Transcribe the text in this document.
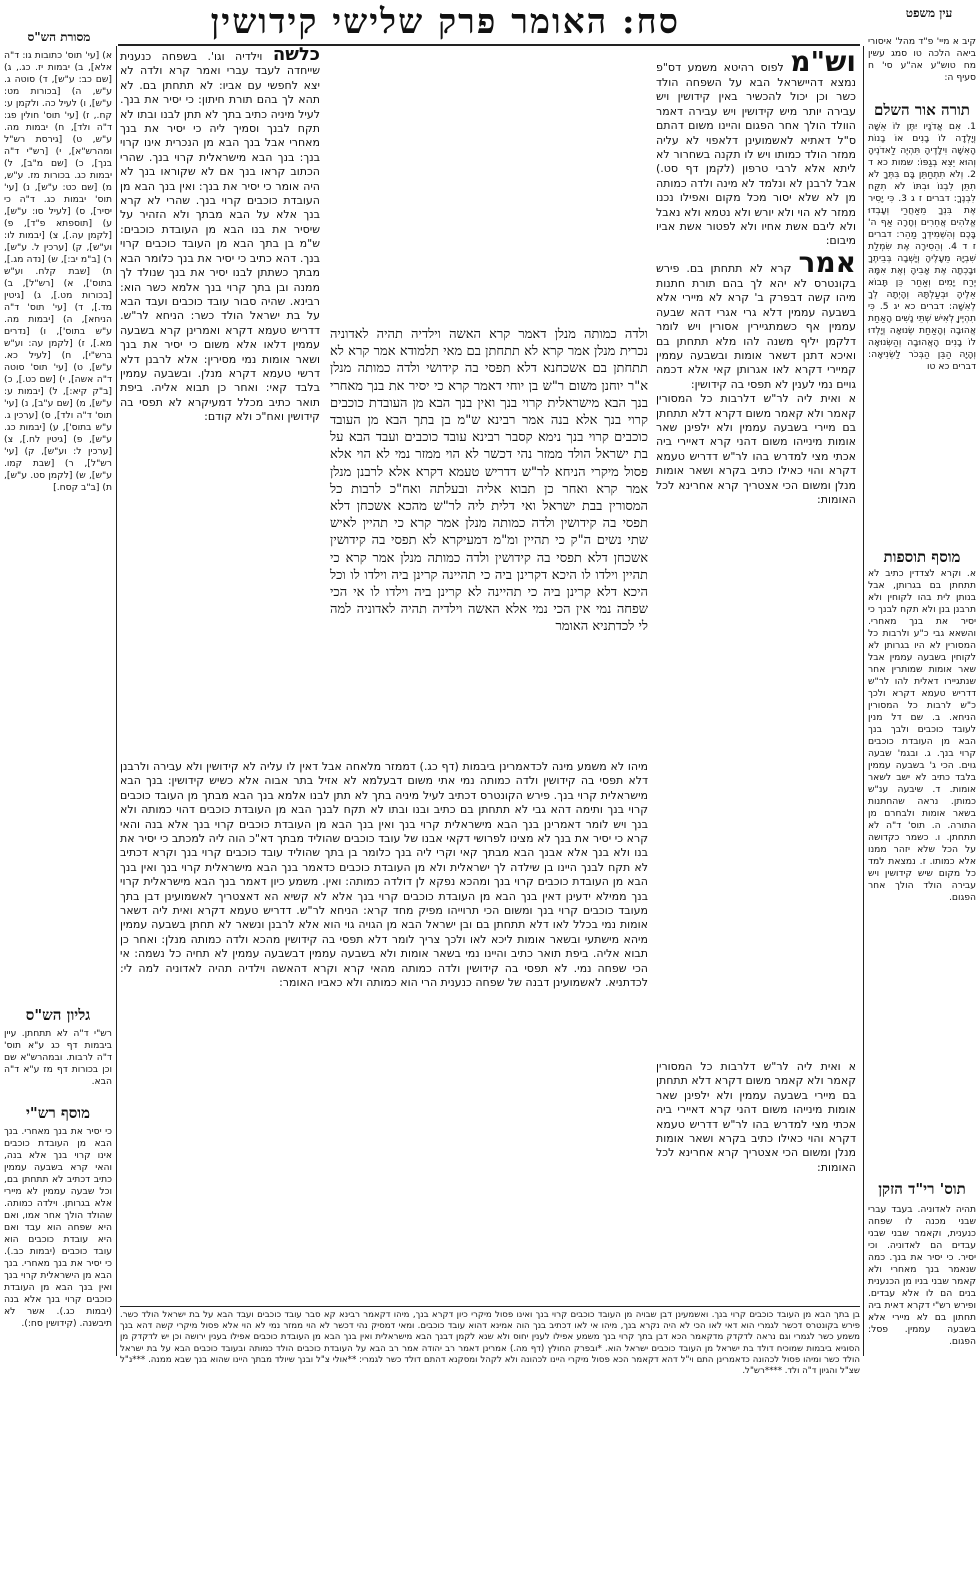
עין משפט
סח: האומר פרק שלישי קידושין
מסורת הש"ס	קיב א מיי' פ"ד מהל' איסורי ביאה הלכה טו סמג עשין מח טוש"ע אה"ע סי' ח סעיף ה:
תורה אור השלם
1. אִם אֲדֹנָיו יִתֶּן לוֹ אִשָּׁה וְיָלְדָה לוֹ בָנִים אוֹ בָנוֹת הָאִשָּׁה וִילָדֶיהָ תִּהְיֶה לַאדֹנֶיהָ וְהוּא יֵצֵא בְגַפּוֹ: שמות כא ד 2. וְלֹא תִתְחַתֵּן בָּם בִּתְּךָ לֹא תִתֵּן לִבְנוֹ וּבִתּוֹ לֹא תִקַּח לִבְנֶךָ: דברים ז ג 3. כִּי יָסִיר אֶת בִּנְךָ מֵאַחֲרַי וְעָבְדוּ אֱלֹהִים אֲחֵרִים וְחָרָה אַף ה' בָּכֶם וְהִשְׁמִידְךָ מַהֵר: דברים ז ד 4. וְהֵסִירָה אֶת שִׂמְלַת שִׁבְיָהּ מֵעָלֶיהָ וְיָשְׁבָה בְּבֵיתֶךָ וּבָכְתָה אֶת אָבִיהָ וְאֶת אִמָּהּ יֶרַח יָמִים וְאַחַר כֵּן תָּבוֹא אֵלֶיהָ וּבְעַלְתָּהּ וְהָיְתָה לְךָ לְאִשָּׁה: דברים כא יג 5. כִּי תִהְיֶיןָ לְאִישׁ שְׁתֵּי נָשִׁים הָאַחַת אֲהוּבָה וְהָאַחַת שְׂנוּאָה וְיָלְדוּ לוֹ בָנִים הָאֲהוּבָה וְהַשְּׂנוּאָה וְהָיָה הַבֵּן הַבְּכֹר לַשְּׂנִיאָה: דברים כא טו
מוסף תוספות
א. וקרא לצדדין כתיב לא תתחתן בם בגרותן, אבל בנותן לית בהו לקוחין ולא תרבנן בנן ולא תקח לבנך כי יסיר את בנך מאחרי. והשאא גבי כ"ע ולרבות כל המסורין לא היו בגרותן לא לקוחין בשבעה עממין אבל שאר אומות שמותרין אחר שנתגיירו דאלית להו לר"ש דדריש טעמא דקרא ולכך כ"ש לרבות כל המסורין הניחא. ב. שם דל מנין לעובד כוכבים ולבך בנך הבא מן העובדת כוכבים קרוי בנך. ג. ובגמ' שבעה גוים. הכי ג' בשבעה עממין בלבד כתיב לא ישב לשאר אומות. ד. שיבעה ענ"ש כמותן. נראה שהחתנות בשאר אומות ולבחרם מן התורה. ה. תוס' ד"ה לא תתחתן. ו. כשמר כקדושה על הכל שלא יזהר ממנו אלא כמותו. ז. נמצאת למד כל מקום שיש קידושין ויש עבירה הולד הולך אחר הפגום.
תוס' רי"ד הזקן
תהיה לאדוניה. בעבד עברי שבני מכנה לו שפחה כנענית, וקאמר שבני שבני עבדים הם לאדוניה. וכי יסיר. כי יסיר את בנך. כמה שנאמר בנך מאחרי ולא קאמר שבני בניו מן הכנענית בנים הם לו אלא עבדים. ופירש רש"י דקרא דאית ביה תחתון בם לא מיירי אלא בשבעה עממין. פסל: הפגום.
וש"מ לפוס רהיטא משמע דס"פ נמצא דהיישראל הבא על השפחה הולד כשר וכן יכול להכשיר באין קידושין ויש עבירה יותר מיש קידושין ויש עבירה דאמר הוולד הולך אחר הפגום והיינו משום דהתם ס"ל דאתיא לאשמועינן דלאפוי לא עליה ממזר הולד כמותו ויש לו תקנה בשחרור לא ליתא אלא לרבי טרפון (לקמן דף סט.) אבל לרבנן לא ונלמד לא מינה ולדה כמותה מן לא שלא יסור מכל מקום ואפילו נכנו ממזר לא הוי ולא יורש ולא נטמא ולא נאבל ולא ליבם אשת אחיו ולא לפטור אשת אביו מיבום:
אמר קרא לא תתחתן בם. פירש בקונטרס לא יהא לך בהם תורת חתנות מיהו קשה דבפרק ב' קרא לא מיירי אלא בשבעה עממין דלא גרי אגרי דהא שבעה עממין אף כשמתגיירין אסורין ויש לומר דלקמן יליף משנה להו מלא תתחתן בם ואיכא דתנן דשאר אומות ובשבעה עממין קמיירי דקרא לאו אגרותן קאי אלא דכמה גויים נמי לענין לא תפסי בה קידושין:
א ואית ליה לר"ש דלרבות כל המסורין קאמר ולא קאמר משום דקרא דלא תתחתן בם מיירי בשבעה עממין ולא ילפינן שאר אומות מינייהו משום דהני קרא דאיירי ביה אכתי מצי למדרש בהו לר"ש דדריש טעמא דקרא והוי כאילו כתיב בקרא ושאר אומות מנלן ומשום הכי אצטריך קרא אחרינא לכל האומות:
ולדה כמותה מנלן דאמר קרא האשה וילדיה תהיה לאדוניה נכרית מנלן אמר קרא לא תתחתן בם מאי תלמודא אמר קרא לא תתחתן בם אשכחנא דלא תפסי בה קידושי ולדה כמותה מנלן א"ר יוחנן משום ר"ש בן יוחי דאמר קרא כי יסיר את בנך מאחרי בנך הבא מישראלית קרוי בנך ואין בנך הבא מן העובדת כוכבים קרוי בנך אלא בנה אמר רבינא ש"מ בן בתך הבא מן העובד כוכבים קרוי בנך נימא קסבר רבינא עובד כוכבים ועבד הבא על בת ישראל הולד ממזר נהי דכשר לא הוי ממזר נמי לא הוי אלא פסול מיקרי הניחא לר"ש דדריש טעמא דקרא אלא לרבנן מנלן אמר קרא ואחר כן תבוא אליה ובעלתה ואח"כ לרבות כל המסורין בבת ישראל ואי דלית ליה לר"ש מהכא אשכחן דלא תפסי בה קידושין ולדה כמותה מנלן אמר קרא כי תהיין לאיש שתי נשים ה"ק כי תהיין ומ"מ דמעיקרא לא תפסי בה קידושין אשכחן דלא תפסי בה קידושין ולדה כמותה מנלן אמר קרא כי תהיין וילדו לו היכא דקרינן ביה כי תהיינה קרינן ביה וילדו לו וכל היכא דלא קרינן ביה כי תהיינה לא קרינן ביה וילדו לו אי הכי שפחה נמי אין הכי נמי אלא האשה וילדיה תהיה לאדוניה למה לי לכדתניא האומר
כלשה וילדיה וגו'. בשפחה כנענית שייחדה לעבד עברי ואמר קרא ולדה לא יצא לחפשי עם אביו: לא תתחתן בם. לא תהא לך בהם תורת חיתון: כי יסיר את בנך. לעיל מיניה כתיב בתך לא תתן לבנו ובתו לא תקח לבנך וסמיך ליה כי יסיר את בנך מאחרי אבל בנך הבא מן הנכרית אינו קרוי בנך: בנך הבא מישראלית קרוי בנך. שהרי הכתוב קראו בנך אם לא שקוראו בנך לא היה אומר כי יסיר את בנך: ואין בנך הבא מן העובדת כוכבים קרוי בנך. שהרי לא קרא בנך אלא על הבא מבתך ולא הזהיר על שיסיר את בנו הבא מן העובדת כוכבים: ש"מ בן בתך הבא מן העובד כוכבים קרוי בנך. דהא כתיב כי יסיר את בנך כלומר הבא מבתך כשתתן לבנו יסיר את בנך שנולד לך ממנה ובן בתך קרוי בנך אלמא כשר הוא: רבינא. שהיה סבור עובד כוכבים ועבד הבא על בת ישראל הולד כשר: הניחא לר"ש. דדריש טעמא דקרא ואמרינן קרא בשבעה עממין דלאו אלא משום כי יסיר את בנך ושאר אומות נמי מסירין: אלא לרבנן דלא דרשי טעמא דקרא מנלן. ובשבעה עממין בלבד קאי: ואחר כן תבוא אליה. ביפת תואר כתיב מכלל דמעיקרא לא תפסי בה קידושין ואח"כ ולא קודם:
מיהו לא משמע מינה לכדאמרינן ביבמות (דף כג.) דממזר מלאחה אבל דאין לו עליה לא קידושין ולא עבירה ולרבנן דלא תפסי בה קידושין ולדה כמותה נמי אתי משום דבעלמא לא אזיל בתר אבוה אלא כשיש קידושין: בנך הבא מישראלית קרוי בנך. פירש הקונטרס דכתיב לעיל מיניה בתך לא תתן לבנו אלמא בנך הבא מבתך מן העובד כוכבים קרוי בנך ותימה דהא גבי לא תתחתן בם כתיב ובנו ובתו לא תקח לבנך הבא מן העובדת כוכבים דהוי כמותה ולא בנך ויש לומר דאמרינן בנך הבא מישראלית קרוי בנך ואין בנך הבא מן העובדת כוכבים קרוי בנך אלא בנה והאי קרא כי יסיר את בנך לא מצינו לפרושי דקאי אבנו של עובד כוכבים שהוליד מבתך דא"כ הוה ליה למכתב כי יסיר את בנו ולא בנך אלא אבנך הבא מבתך קאי וקרי ליה בנך כלומר בן בתך שהוליד עובד כוכבים קרוי בנך וקרא דכתיב לא תקח לבנך היינו בן שילדה לך ישראלית ולא מן העובדת כוכבים כדאמר בנך הבא מישראלית קרוי בנך ואין בנך הבא מן העובדת כוכבים קרוי בנך ומהכא נפקא לן דולדה כמותה: ואין. משמע כיון דאמר בנך הבא מישראלית קרוי בנך ממילא ידעינן דאין בנך הבא מן העובדת כוכבים קרוי בנך אלא לא קשיא הא דאצטריך לאשמועינן דבן בתך מעובד כוכבים קרוי בנך ומשום הכי תרוייהו מפיק מחד קרא: הניחא לר"ש. דדריש טעמא דקרא ואית ליה דשאר אומות נמי בכלל לאו דלא תתחתן בם ובן ישראל הבא מן הגויה גוי הוא אלא לרבנן ונשאר לא תחתן בשבעה עממין מיהא מישתעי ובשאר אומות ליכא לאו ולכך צריך לומר דלא תפסי בה קידושין מהכא ולדה כמותה מנלן: ואחר כן תבוא אליה. ביפת תואר כתיב והיינו נמי בשאר אומות ולא בשבעה עממין דבשבעה עממין לא תחיה כל נשמה: אי הכי שפחה נמי. לא תפסי בה קידושין ולדה כמותה מהאי קרא וקרא דהאשה וילדיה תהיה לאדוניה למה לי: לכדתניא. לאשמועינן דבנה של שפחה כנענית הרי הוא כמותה ולא כאביו האומר:
א) [עי' תוס' כתובות גו: ד"ה אלא], ב) יבמות יז. כג., ג) [שם כב: ע"ש], ד) סוטה ג. ע"ש, ה) [בכורות מט: ע"ש], ו) לעיל כה. ולקמן ע: קח., ז) [עי' תוס' חולין פג: ד"ה ולד], ח) יבמות מה. ע"ש, ט) [גירסת רש"ל ומהרש"א], י) [רש"י ד"ה בנך], כ) [שם מ"ב], ל) יבמות כג. בכורות מז. ע"ש, מ) [שם כט: ע"ש], נ) [עי' תוס' יבמות כג. ד"ה כי יסיר], ס) [לעיל סו: ע"ש], ע) [תוספתא פ"ד], פ) [לקמן עה.], צ) [יבמות לו: וע"ש], ק) [ערכין ל. ע"ש], ר) [ב"מ יב:], ש) [נדה מג.], ת) [שבת קלח. וע"ש בתוס'], א) [רש"ל], ב) [בכורות מט.], ג) [גיטין מד.], ד) [עי' תוס' ד"ה הניחא], ה) [יבמות מה. ע"ש בתוס'], ו) [נדרים מא.], ז) [לקמן עה: וע"ש ברש"י], ח) [לעיל כא. ע"ש], ט) [עי' תוס' סוטה ד"ה אשה], י) [שם כט.], כ) [ב"ק קיא:], ל) [יבמות ע: ע"ש], מ) [שם ע"ב], נ) [עי' תוס' ד"ה ולד], ס) [ערכין ג. ע"ש בתוס'], ע) [יבמות כג. ע"ש], פ) [גיטין לח.], צ) [ערכין ל: וע"ש], ק) [עי' רש"ל], ר) [שבת קמו. ע"ש], ש) [לקמן סט. ע"ש], ת) [ב"ב קסח.]
גליון הש"ס
רש"י ד"ה לא תתחתן. עיין ביבמות דף כג ע"א תוס' ד"ה לרבות. ובמהרש"א שם וכן בכורות דף מז ע"א ד"ה הבא.
מוסף רש"י
כי יסיר את בנך מאחרי. בנך הבא מן העובדת כוכבים אינו קרוי בנך אלא בנה, והאי קרא בשבעה עממין כתיב דכתיב לא תתחתן בם, וכל שבעה עממין לא מיירי אלא בגרותן. וילדה כמותה. שהולד הולך אחר אמו, ואם היא שפחה הוא עבד ואם היא עובדת כוכבים הוא עובד כוכבים (יבמות כב.). כי יסיר את בנך מאחרי. בנך הבא מן הישראלית קרוי בנך ואין בנך הבא מן העובדת כוכבים קרוי בנך אלא בנה (יבמות כג.). אשר לא תיבשנה. (קידושין סח:).
א ואית ליה לר"ש דלרבות כל המסורין קאמר ולא קאמר משום דקרא דלא תתחתן בם מיירי בשבעה עממין ולא ילפינן שאר אומות מינייהו משום דהני קרא דאיירי ביה אכתי מצי למדרש בהו לר"ש דדריש טעמא דקרא והוי כאילו כתיב בקרא ושאר אומות מנלן ומשום הכי אצטריך קרא אחרינא לכל האומות:
בן בתך הבא מן העובד כוכבים קרוי בנך. ואשמעינן דבן שבויה מן העובד כוכבים קרוי בנך ואינו פסול מיקרי כיון דקרא בנך, מיהו דקאמר רבינא קא סבר עובד כוכבים ועבד הבא על בת ישראל הולד כשר. פירש בקונטרס דכשר לגמרי הוא דאי לאו הכי לא היה נקרא בנך, מיהו אי לאו דכתיב בנך הוה אמינא דהוא עובד כוכבים. ומאי דמסיק נהי דכשר לא הוי ממזר נמי לא הוי אלא פסול מיקרי קשה דהא בנך משמע כשר לגמרי וגם נראה לדקדק מדקאמר הכא דבן בתך קרוי בנך משמע אפילו לענין יחוס ולא שנא לקמן דבנך הבא מישראלית ואין בנך הבא מן העובדת כוכבים אפילו בענין ירושה וכן יש לדקדק מן הסוגיא ביבמות שמוכיח דולד בת ישראל מן העובד כוכבים ישראל הוא. *ובפרק החולץ (דף מה.) אמרינן דאמר רב יהודה אמר רב הבא על העובדת כוכבים הולד כמותה ובעובד כוכבים הבא על בת ישראל הולד כשר ומיהו פסול לכהונה כדאמרינן התם וי"ל דהא דקאמר הכא פסול מיקרי היינו לכהונה ולא לקהל ומסקנא דהתם דולד כשר לגמרי: **אולי צ"ל ובנך שיולד מבתך היינו שהוא בנך שבא ממנה. ***נ"ל שצ"ל והגיון ד"ה ולד. ****רש"ל.
